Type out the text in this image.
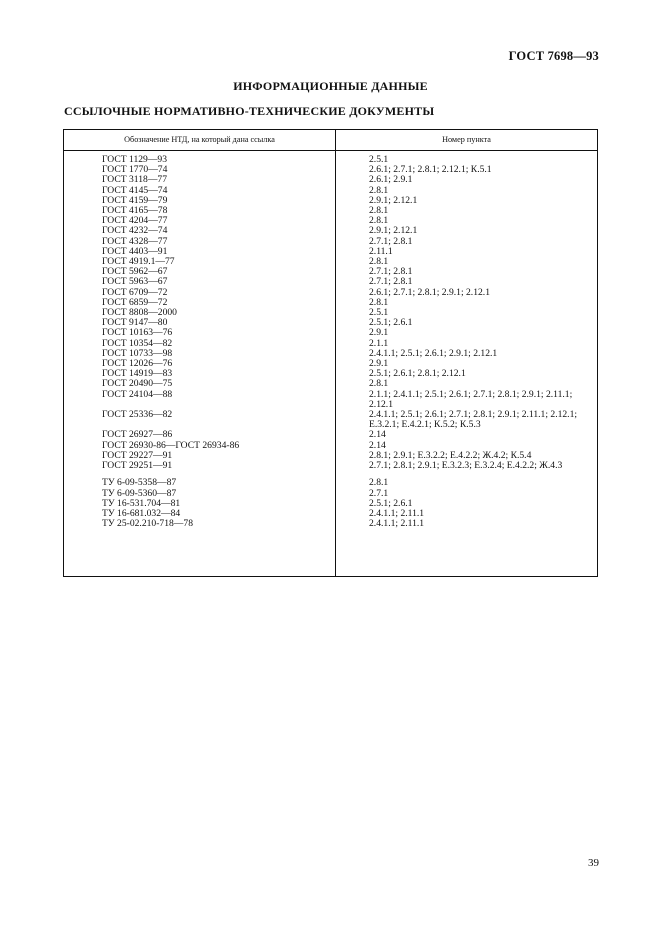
ГОСТ 7698—93
ИНФОРМАЦИОННЫЕ ДАННЫЕ
ССЫЛОЧНЫЕ НОРМАТИВНО-ТЕХНИЧЕСКИЕ ДОКУМЕНТЫ
Обозначение НТД, на который дана ссылка	Номер пункта
ГОСТ 1129—93	2.5.1
ГОСТ 1770—74	2.6.1; 2.7.1; 2.8.1; 2.12.1; К.5.1
ГОСТ 3118—77	2.6.1; 2.9.1
ГОСТ 4145—74	2.8.1
ГОСТ 4159—79	2.9.1; 2.12.1
ГОСТ 4165—78	2.8.1
ГОСТ 4204—77	2.8.1
ГОСТ 4232—74	2.9.1; 2.12.1
ГОСТ 4328—77	2.7.1; 2.8.1
ГОСТ 4403—91	2.11.1
ГОСТ 4919.1—77	2.8.1
ГОСТ 5962—67	2.7.1; 2.8.1
ГОСТ 5963—67	2.7.1; 2.8.1
ГОСТ 6709—72	2.6.1; 2.7.1; 2.8.1; 2.9.1; 2.12.1
ГОСТ 6859—72	2.8.1
ГОСТ 8808—2000	2.5.1
ГОСТ 9147—80	2.5.1; 2.6.1
ГОСТ 10163—76	2.9.1
ГОСТ 10354—82	2.1.1
ГОСТ 10733—98	2.4.1.1; 2.5.1; 2.6.1; 2.9.1; 2.12.1
ГОСТ 12026—76	2.9.1
ГОСТ 14919—83	2.5.1; 2.6.1; 2.8.1; 2.12.1
ГОСТ 20490—75	2.8.1
ГОСТ 24104—88	2.1.1; 2.4.1.1; 2.5.1; 2.6.1; 2.7.1; 2.8.1; 2.9.1; 2.11.1; 2.12.1
ГОСТ 25336—82	2.4.1.1; 2.5.1; 2.6.1; 2.7.1; 2.8.1; 2.9.1; 2.11.1; 2.12.1; Е.3.2.1; Е.4.2.1; К.5.2; К.5.3
ГОСТ 26927—86	2.14
ГОСТ 26930-86—ГОСТ 26934-86	2.14
ГОСТ 29227—91	2.8.1; 2.9.1; Е.3.2.2; Е.4.2.2; Ж.4.2; К.5.4
ГОСТ 29251—91	2.7.1; 2.8.1; 2.9.1; Е.3.2.3; Е.3.2.4; Е.4.2.2; Ж.4.3
ТУ 6-09-5358—87	2.8.1
ТУ 6-09-5360—87	2.7.1
ТУ 16-531.704—81	2.5.1; 2.6.1
ТУ 16-681.032—84	2.4.1.1; 2.11.1
ТУ 25-02.210-718—78	2.4.1.1; 2.11.1
39
